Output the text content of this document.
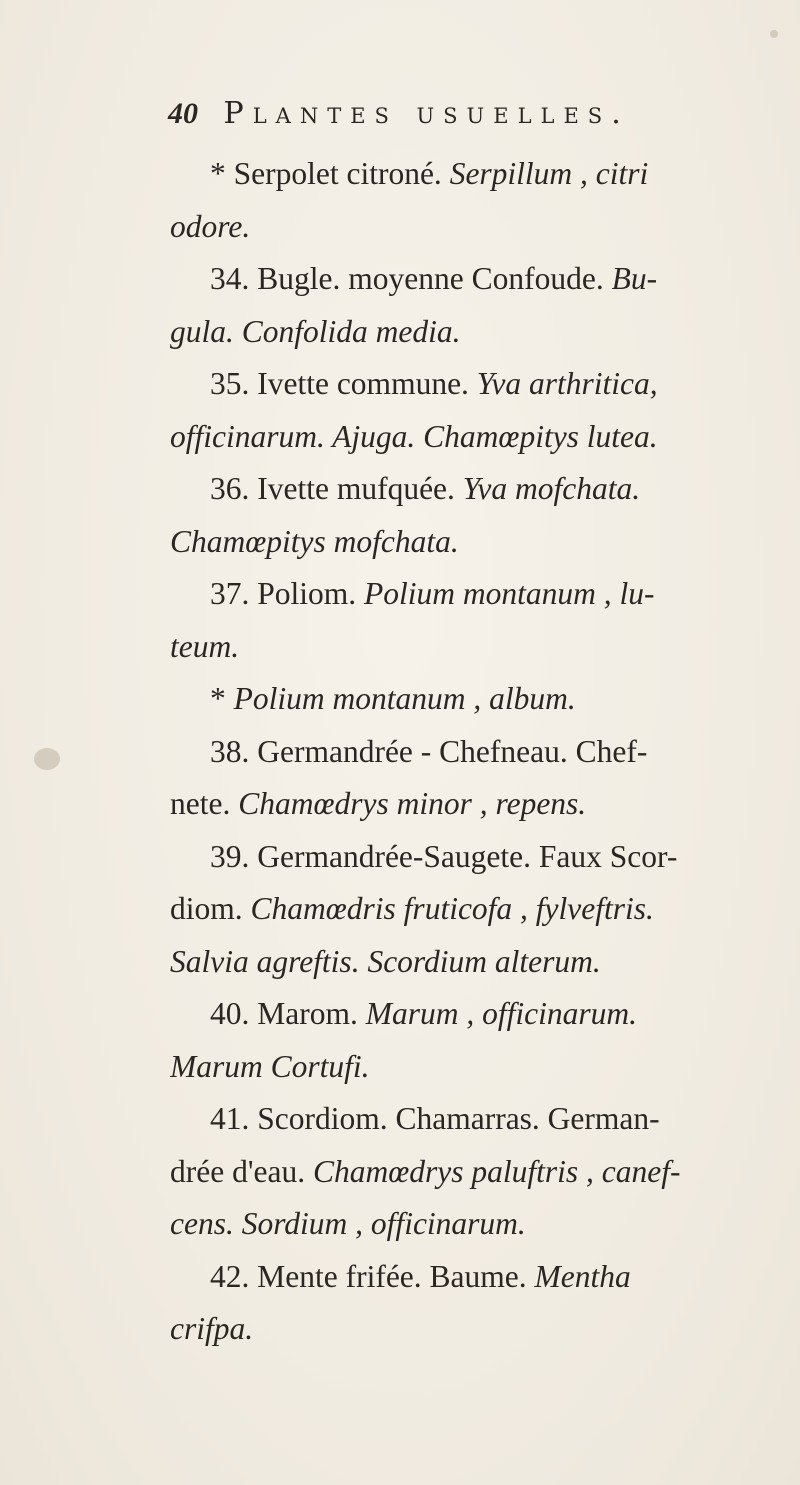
40 Plantes usuelles.
* Serpolet citroné. Serpillum , citri
odore.
34. Bugle. moyenne Confoude. Bu-
gula. Confolida media.
35. Ivette commune. Yva arthritica,
officinarum. Ajuga. Chamœpitys lutea.
36. Ivette mufquée. Yva mofchata.
Chamœpitys mofchata.
37. Poliom. Polium montanum , lu-
teum.
* Polium montanum , album.
38. Germandrée - Chefneau. Chef-
nete. Chamœdrys minor , repens.
39. Germandrée-Saugete. Faux Scor-
diom. Chamœdris fruticofa , fylveftris.
Salvia agreftis. Scordium alterum.
40. Marom. Marum , officinarum.
Marum Cortufi.
41. Scordiom. Chamarras. German-
drée d'eau. Chamœdrys paluftris , canef-
cens. Sordium , officinarum.
42. Mente frifée. Baume. Mentha
crifpa.
